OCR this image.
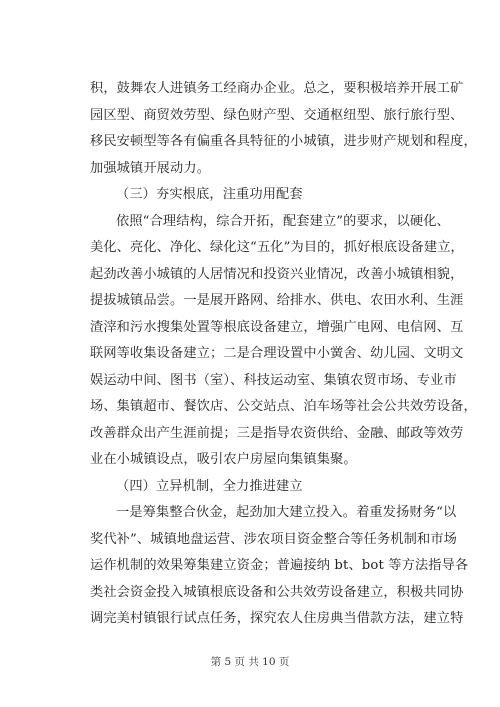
积，鼓舞农人进镇务工经商办企业。总之，要积极培养开展工矿
园区型、商贸效劳型、绿色财产型、交通枢纽型、旅行旅行型、
移民安顿型等各有偏重各具特征的小城镇，进步财产规划和程度，
加强城镇开展动力。
（三）夯实根底，注重功用配套
依照“合理结构，综合开拓，配套建立”的要求，以硬化、
美化、亮化、净化、绿化这“五化”为目的，抓好根底设备建立，
起劲改善小城镇的人居情况和投资兴业情况，改善小城镇相貌，
提拔城镇品尝。一是展开路网、给排水、供电、农田水利、生涯
渣滓和污水搜集处置等根底设备建立，增强广电网、电信网、互
联网等收集设备建立；二是合理设置中小黉舍、幼儿园、文明文
娱运动中间、图书（室）、科技运动室、集镇农贸市场、专业市
场、集镇超市、餐饮店、公交站点、泊车场等社会公共效劳设备，
改善群众出产生涯前提；三是指导农资供给、金融、邮政等效劳
业在小城镇设点，吸引农户房屋向集镇集聚。
（四）立异机制，全力推进建立
一是筹集整合伙金，起劲加大建立投入。着重发扬财务“以
奖代补”、城镇地盘运营、涉农项目资金整合等任务机制和市场
运作机制的效果筹集建立资金；普遍接纳 bt、bot 等方法指导各
类社会资金投入城镇根底设备和公共效劳设备建立，积极共同协
调完美村镇银行试点任务，探究农人住房典当借款方法，建立特
第 5 页 共 10 页
